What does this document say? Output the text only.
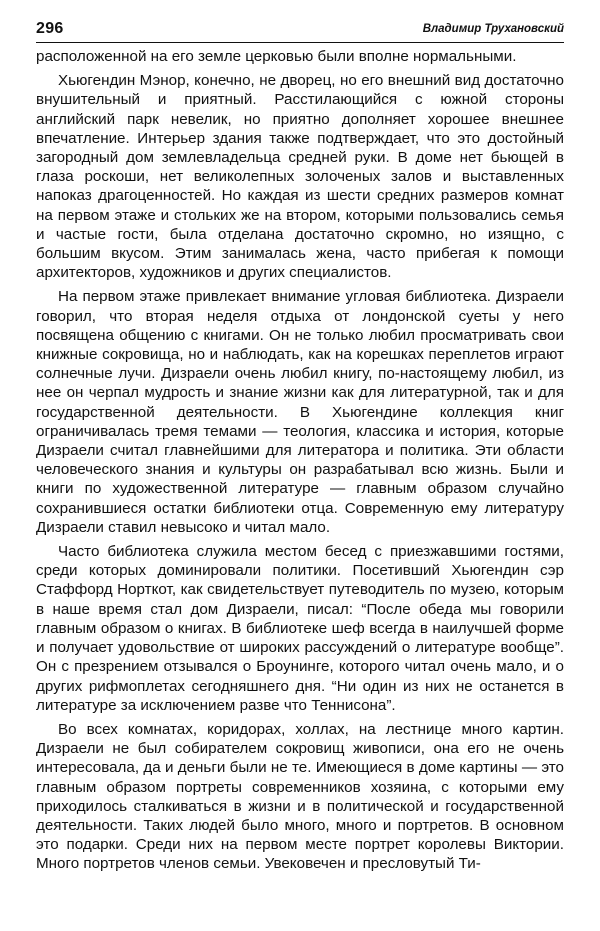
296	Владимир Трухановский

расположенной на его земле церковью были вполне нормальными.

Хьюгендин Мэнор, конечно, не дворец, но его внешний вид достаточно внушительный и приятный. Расстилающийся с южной стороны английский парк невелик, но приятно дополняет хорошее внешнее впечатление. Интерьер здания также подтверждает, что это достойный загородный дом землевладельца средней руки. В доме нет бьющей в глаза роскоши, нет великолепных золоченых залов и выставленных напоказ драгоценностей. Но каждая из шести средних размеров комнат на первом этаже и стольких же на втором, которыми пользовались семья и частые гости, была отделана достаточно скромно, но изящно, с большим вкусом. Этим занималась жена, часто прибегая к помощи архитекторов, художников и других специалистов.

На первом этаже привлекает внимание угловая библиотека. Дизраели говорил, что вторая неделя отдыха от лондонской суеты у него посвящена общению с книгами. Он не только любил просматривать свои книжные сокровища, но и наблюдать, как на корешках переплетов играют солнечные лучи. Дизраели очень любил книгу, по-настоящему любил, из нее он черпал мудрость и знание жизни как для литературной, так и для государственной деятельности. В Хьюгендине коллекция книг ограничивалась тремя темами — теология, классика и история, которые Дизраели считал главнейшими для литератора и политика. Эти области человеческого знания и культуры он разрабатывал всю жизнь. Были и книги по художественной литературе — главным образом случайно сохранившиеся остатки библиотеки отца. Современную ему литературу Дизраели ставил невысоко и читал мало.

Часто библиотека служила местом бесед с приезжавшими гостями, среди которых доминировали политики. Посетивший Хьюгендин сэр Стаффорд Норткот, как свидетельствует путеводитель по музею, которым в наше время стал дом Дизраели, писал: “После обеда мы говорили главным образом о книгах. В библиотеке шеф всегда в наилучшей форме и получает удовольствие от широких рассуждений о литературе вообще”. Он с презрением отзывался о Броунинге, которого читал очень мало, и о других рифмоплетах сегодняшнего дня. “Ни один из них не останется в литературе за исключением разве что Теннисона”.

Во всех комнатах, коридорах, холлах, на лестнице много картин. Дизраели не был собирателем сокровищ живописи, она его не очень интересовала, да и деньги были не те. Имеющиеся в доме картины — это главным образом портреты современников хозяина, с которыми ему приходилось сталкиваться в жизни и в политической и государственной деятельности. Таких людей было много, много и портретов. В основном это подарки. Среди них на первом месте портрет королевы Виктории. Много портретов членов семьи. Увековечен и пресловутый Ти-
